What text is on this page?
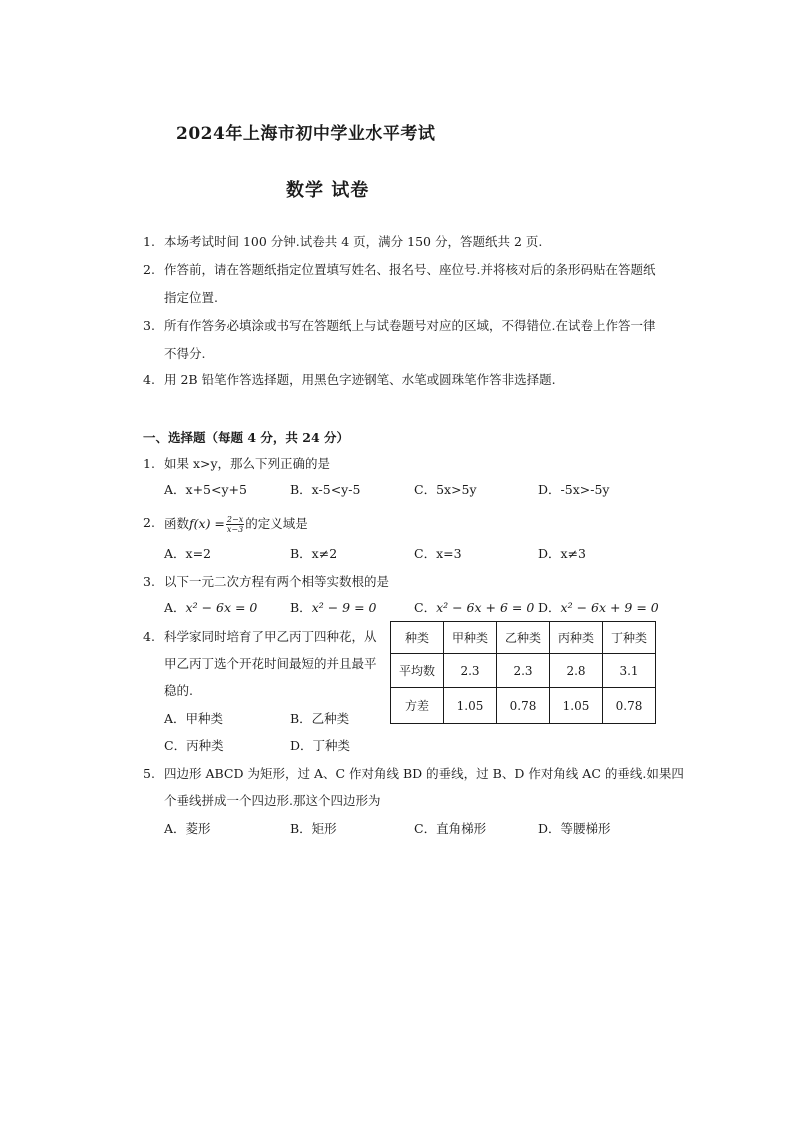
2024年上海市初中学业水平考试
数学 试卷
1. 本场考试时间 100 分钟.试卷共 4 页，满分 150 分，答题纸共 2 页.
2. 作答前，请在答题纸指定位置填写姓名、报名号、座位号.并将核对后的条形码贴在答题纸
指定位置.
3. 所有作答务必填涂或书写在答题纸上与试卷题号对应的区域，不得错位.在试卷上作答一律
不得分.
4. 用 2B 铅笔作答选择题，用黑色字迹钢笔、水笔或圆珠笔作答非选择题.
一、选择题（每题 4 分，共 24 分）
1. 如果 x>y，那么下列正确的是
A．x+5<y+5	B．x-5<y-5	C．5x>5y	D．-5x>-5y
2. 函数$f(x) = \frac{2-x}{x-3}$ 的定义域是
A．x=2	B．x≠2	C．x=3	D．x≠3
3. 以下一元二次方程有两个相等实数根的是
A．x² − 6x = 0	B．x² − 9 = 0	C．x² − 6x + 6 = 0 D．x² − 6x + 9 = 0
4. 科学家同时培育了甲乙丙丁四种花，从
甲乙丙丁选个开花时间最短的并且最平
稳的.
A．甲种类	B．乙种类
C．丙种类	D．丁种类
种类	甲种类	乙种类	丙种类	丁种类
平均数	2.3	2.3	2.8	3.1
方差	1.05	0.78	1.05	0.78
5. 四边形 ABCD 为矩形，过 A、C 作对角线 BD 的垂线，过 B、D 作对角线 AC 的垂线.如果四
个垂线拼成一个四边形.那这个四边形为
A．菱形	B．矩形	C．直角梯形	D．等腰梯形
